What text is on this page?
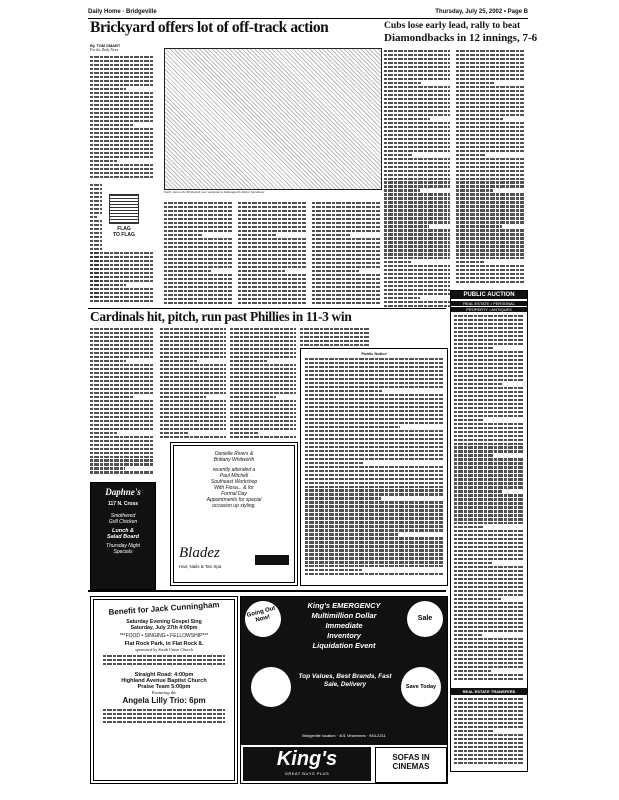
Daily Home · Bridgeville	Thursday, July 25, 2002 • Page B
Brickyard offers lot of off-track action	Cubs lose early lead, rally to beat
Diamondbacks in 12 innings, 7-6
By TOM SMART
For the Daily News
FLAG
TO FLAG
Daily shows the Brickyard race weekend at Indianapolis Motor Speedway
PUBLIC AUCTION
REAL ESTATE • PERSONAL
PROPERTY • ANTIQUES
REAL ESTATE TRANSFERS
Cardinals hit, pitch, run past Phillies in 11-3 win
Public Notice
Daphne's
117 N. Cross
Smothered
Grill Chicken
Lunch &
Salad Board
Thursday Night
Specials
Danielle Rivers &
Brittany Whitworth
recently attended a
Paul Mitchell
Southeast Workshop
With Fiosa... & for
Formal Day
Appointments for special
occasion up styling.
Bladez
Hair, Nails & Tan Spa
Benefit for Jack Cunningham
Saturday Evening Gospel Sing
Saturday, July 27th 4:00pm
***FOOD • SINGING • FELLOWSHIP***
Flat Rock Park, in Flat Rock IL
sponsored by South Union Church
Straight Road: 4:00pm
Highland Avenue Baptist Church
Praise Team 5:00pm
Featuring the
Angela Lilly Trio: 6pm
Going Out Now!	Sale
King's EMERGENCY
Multimillion Dollar
Immediate
Inventory
Liquidation Event
Top Values, Best Brands, Fast Sale, Delivery	Save Today
Bridgeville location · 401 Vincennes · 943-2211
King's
GREAT BUYS PLUS
SOFAS IN
CINEMAS
